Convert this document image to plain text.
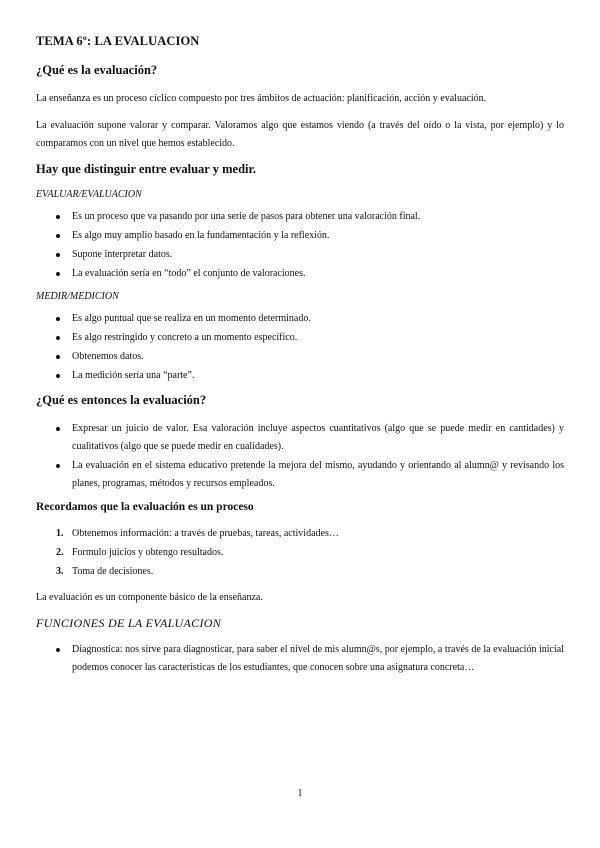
TEMA 6º: LA EVALUACION
¿Qué es la evaluación?
La enseñanza es un proceso cíclico compuesto por tres ámbitos de actuación: planificación, acción y evaluación.
La evaluación supone valorar y comparar. Valoramos algo que estamos viendo (a través del oído o la vista, por ejemplo) y lo comparamos con un nivel que hemos establecido.
Hay que distinguir entre evaluar y medir.
EVALUAR/EVALUACION
Es un proceso que va pasando por una serie de pasos para obtener una valoración final.
Es algo muy amplio basado en la fundamentación y la reflexión.
Supone interpretar datos.
La evaluación sería en “todo” el conjunto de valoraciones.
MEDIR/MEDICION
Es algo puntual que se realiza en un momento determinado.
Es algo restringido y concreto a un momento específico.
Obtenemos datos.
La medición sería una “parte”.
¿Qué es entonces la evaluación?
Expresar un juicio de valor. Esa valoración incluye aspectos cuantitativos (algo que se puede medir en cantidades) y cualitativos (algo que se puede medir en cualidades).
La evaluación en el sistema educativo pretende la mejora del mismo, ayudando y orientando al alumn@ y revisando los planes, programas, métodos y recursos empleados.
Recordamos que la evaluación es un proceso
1. Obtenemos información: a través de pruebas, tareas, actividades…
2. Formulo juicios y obtengo resultados.
3. Toma de decisiones.
La evaluación es un componente básico de la enseñanza.
FUNCIONES DE LA EVALUACION
Diagnostica: nos sirve para diagnosticar, para saber el nivel de mis alumn@s, por ejemplo, a través de la evaluación inicial podemos conocer las características de los estudiantes, que conocen sobre una asignatura concreta…
1
